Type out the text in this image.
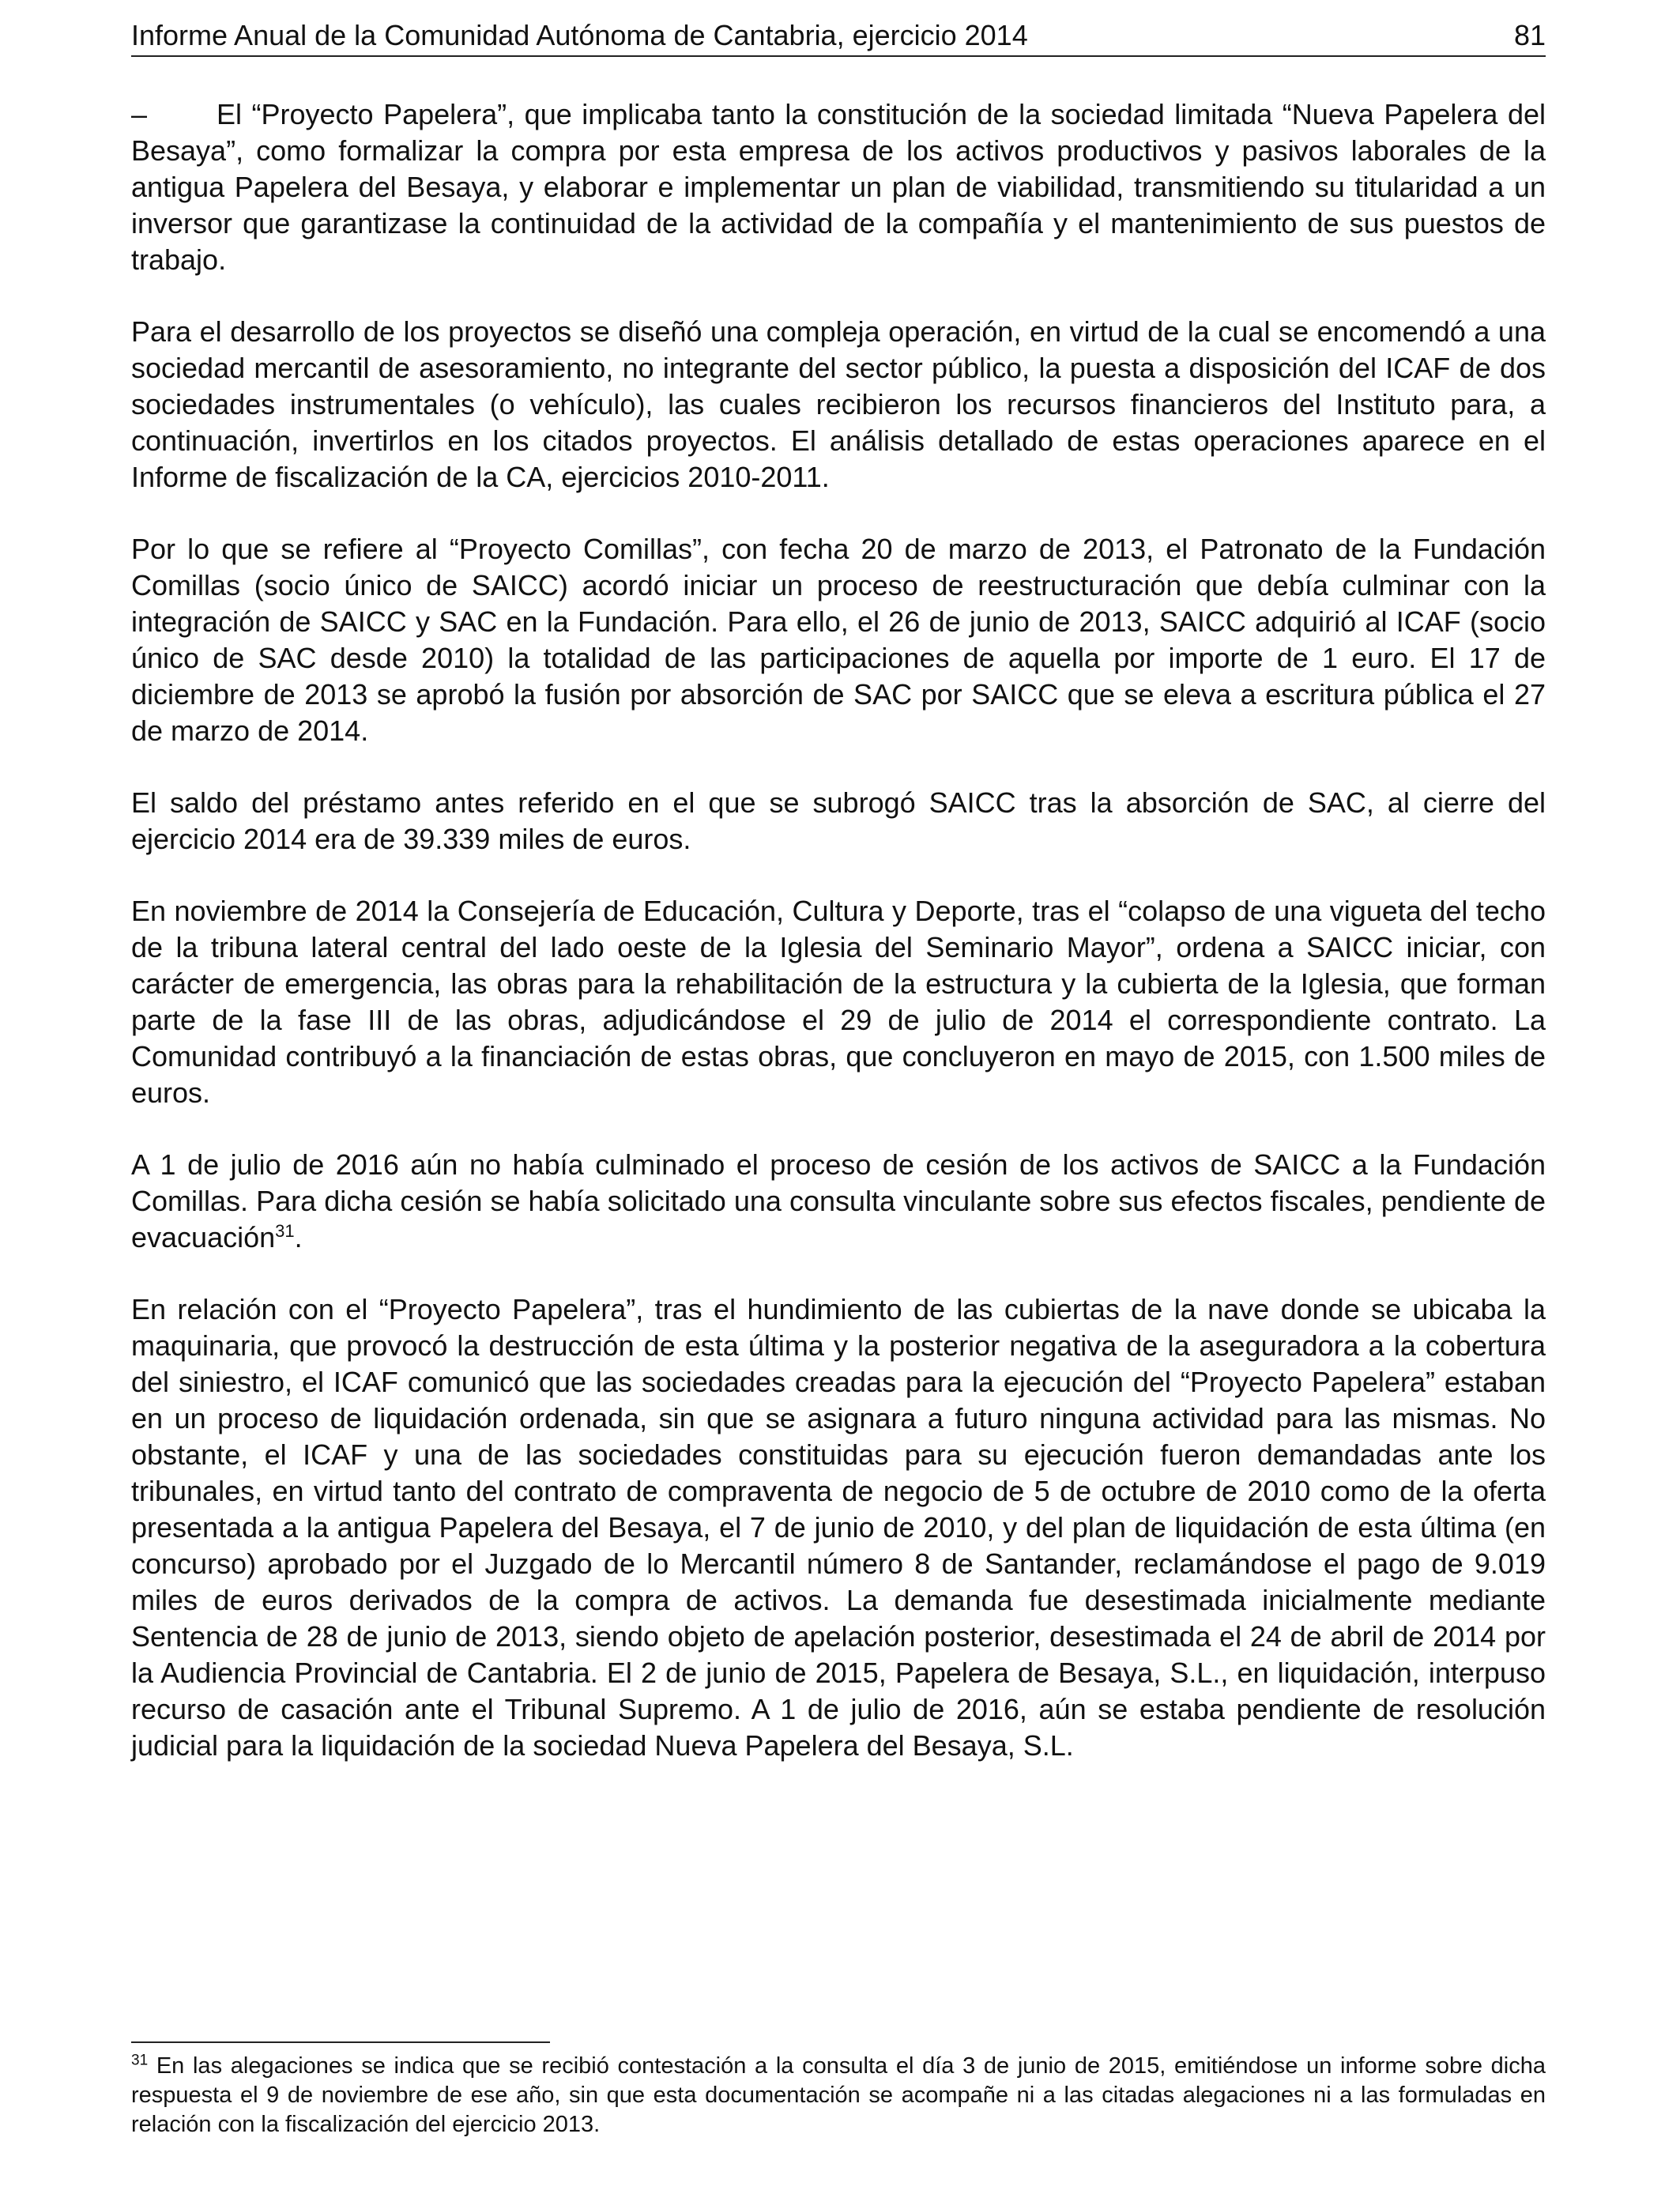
Informe Anual de la Comunidad Autónoma de Cantabria, ejercicio 2014	81

– El “Proyecto Papelera”, que implicaba tanto la constitución de la sociedad limitada “Nueva Papelera del Besaya”, como formalizar la compra por esta empresa de los activos productivos y pasivos laborales de la antigua Papelera del Besaya, y elaborar e implementar un plan de viabilidad, transmitiendo su titularidad a un inversor que garantizase la continuidad de la actividad de la compañía y el mantenimiento de sus puestos de trabajo.

Para el desarrollo de los proyectos se diseñó una compleja operación, en virtud de la cual se encomendó a una sociedad mercantil de asesoramiento, no integrante del sector público, la puesta a disposición del ICAF de dos sociedades instrumentales (o vehículo), las cuales recibieron los recursos financieros del Instituto para, a continuación, invertirlos en los citados proyectos. El análisis detallado de estas operaciones aparece en el Informe de fiscalización de la CA, ejercicios 2010-2011.

Por lo que se refiere al “Proyecto Comillas”, con fecha 20 de marzo de 2013, el Patronato de la Fundación Comillas (socio único de SAICC) acordó iniciar un proceso de reestructuración que debía culminar con la integración de SAICC y SAC en la Fundación. Para ello, el 26 de junio de 2013, SAICC adquirió al ICAF (socio único de SAC desde 2010) la totalidad de las participaciones de aquella por importe de 1 euro. El 17 de diciembre de 2013 se aprobó la fusión por absorción de SAC por SAICC que se eleva a escritura pública el 27 de marzo de 2014.

El saldo del préstamo antes referido en el que se subrogó SAICC tras la absorción de SAC, al cierre del ejercicio 2014 era de 39.339 miles de euros.

En noviembre de 2014 la Consejería de Educación, Cultura y Deporte, tras el “colapso de una vigueta del techo de la tribuna lateral central del lado oeste de la Iglesia del Seminario Mayor”, ordena a SAICC iniciar, con carácter de emergencia, las obras para la rehabilitación de la estructura y la cubierta de la Iglesia, que forman parte de la fase III de las obras, adjudicándose el 29 de julio de 2014 el correspondiente contrato. La Comunidad contribuyó a la financiación de estas obras, que concluyeron en mayo de 2015, con 1.500 miles de euros.

A 1 de julio de 2016 aún no había culminado el proceso de cesión de los activos de SAICC a la Fundación Comillas. Para dicha cesión se había solicitado una consulta vinculante sobre sus efectos fiscales, pendiente de evacuación$^{31}$.

En relación con el “Proyecto Papelera”, tras el hundimiento de las cubiertas de la nave donde se ubicaba la maquinaria, que provocó la destrucción de esta última y la posterior negativa de la aseguradora a la cobertura del siniestro, el ICAF comunicó que las sociedades creadas para la ejecución del “Proyecto Papelera” estaban en un proceso de liquidación ordenada, sin que se asignara a futuro ninguna actividad para las mismas. No obstante, el ICAF y una de las sociedades constituidas para su ejecución fueron demandadas ante los tribunales, en virtud tanto del contrato de compraventa de negocio de 5 de octubre de 2010 como de la oferta presentada a la antigua Papelera del Besaya, el 7 de junio de 2010, y del plan de liquidación de esta última (en concurso) aprobado por el Juzgado de lo Mercantil número 8 de Santander, reclamándose el pago de 9.019 miles de euros derivados de la compra de activos. La demanda fue desestimada inicialmente mediante Sentencia de 28 de junio de 2013, siendo objeto de apelación posterior, desestimada el 24 de abril de 2014 por la Audiencia Provincial de Cantabria. El 2 de junio de 2015, Papelera de Besaya, S.L., en liquidación, interpuso recurso de casación ante el Tribunal Supremo. A 1 de julio de 2016, aún se estaba pendiente de resolución judicial para la liquidación de la sociedad Nueva Papelera del Besaya, S.L.

$^{31}$ En las alegaciones se indica que se recibió contestación a la consulta el día 3 de junio de 2015, emitiéndose un informe sobre dicha respuesta el 9 de noviembre de ese año, sin que esta documentación se acompañe ni a las citadas alegaciones ni a las formuladas en relación con la fiscalización del ejercicio 2013.
